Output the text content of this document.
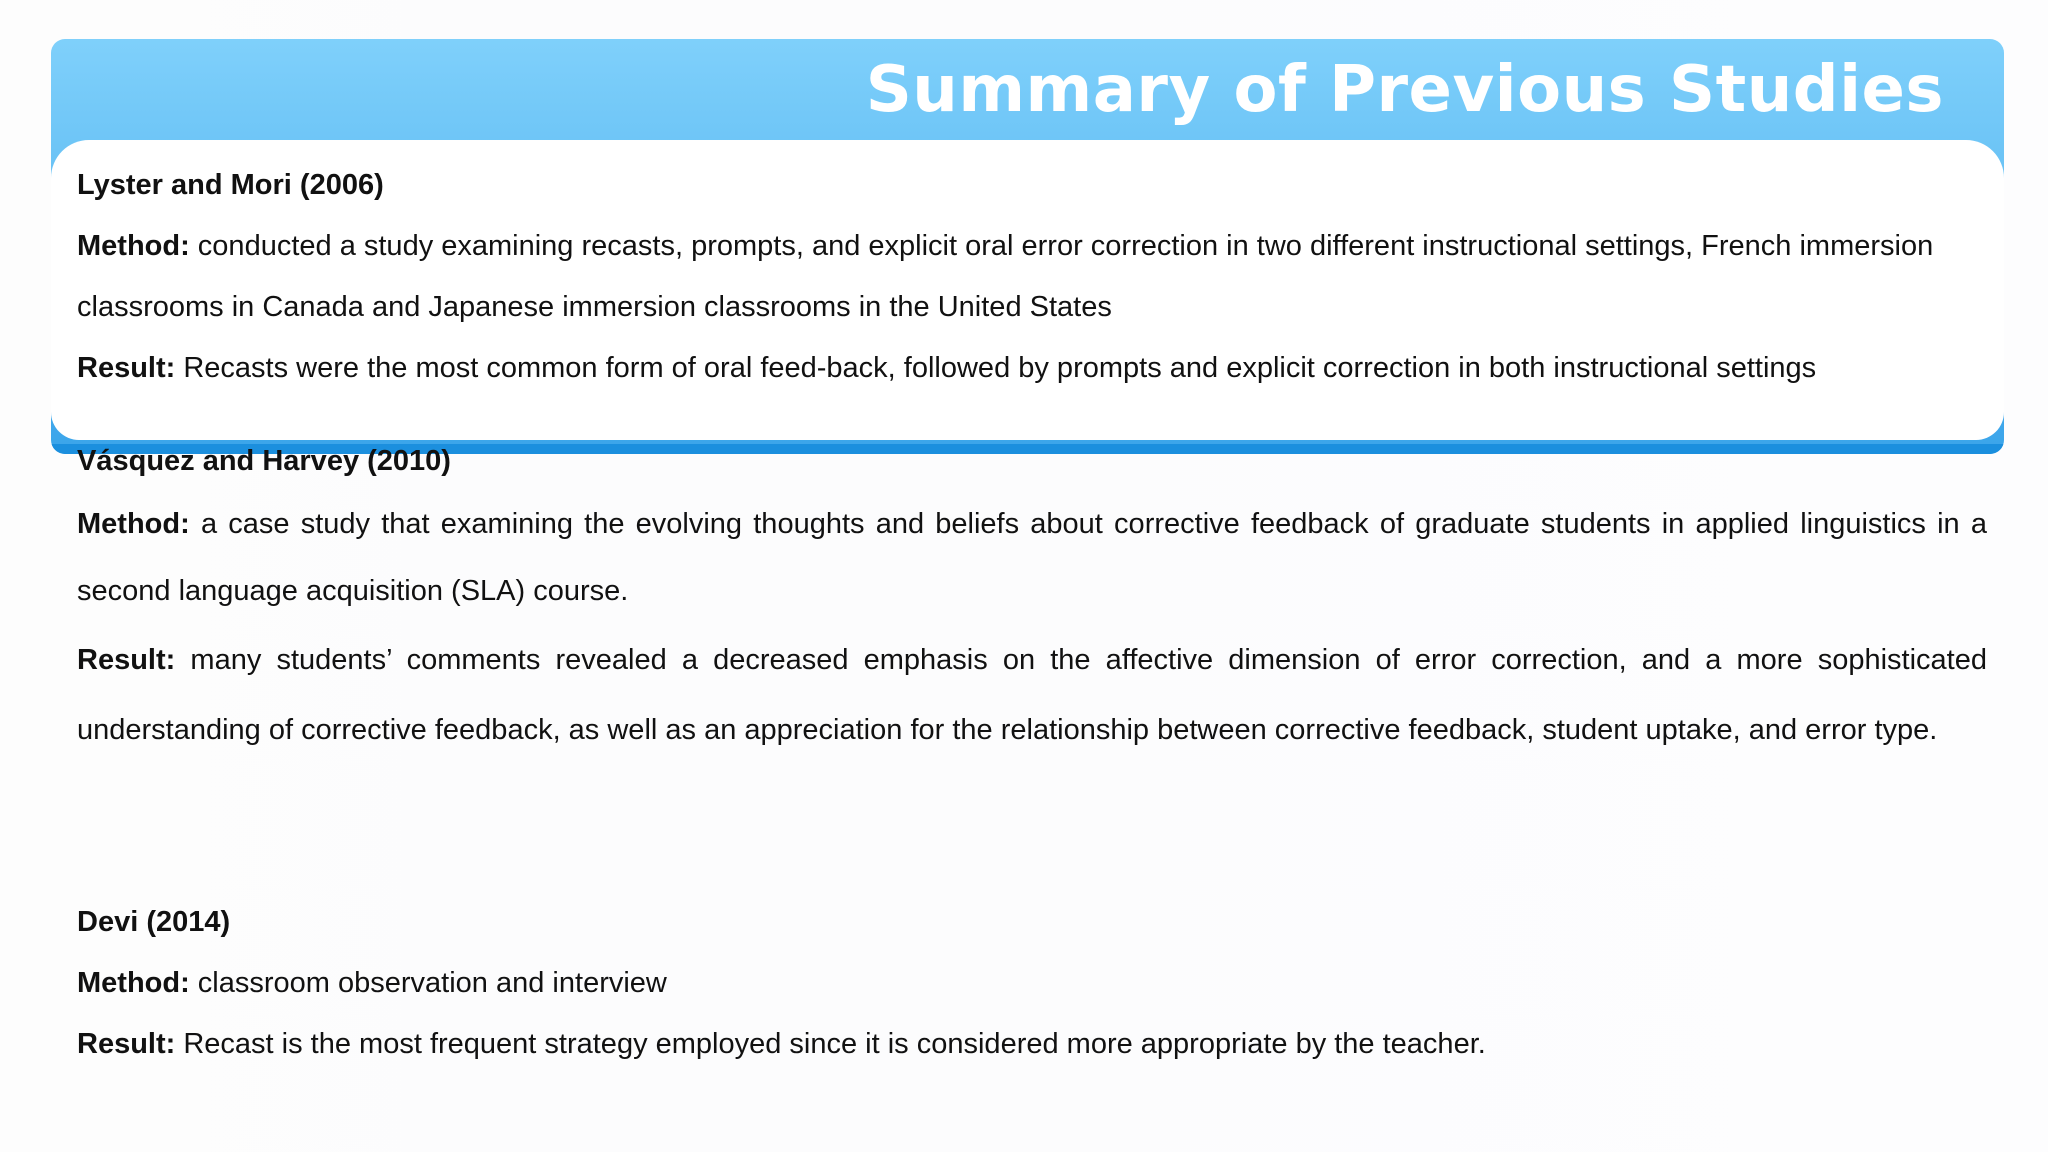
Summary of Previous Studies

Lyster and Mori (2006)

Method: conducted a study examining recasts, prompts, and explicit oral error correction in two different instructional settings, French immersion classrooms in Canada and Japanese immersion classrooms in the United States

Result: Recasts were the most common form of oral feed-back, followed by prompts and explicit correction in both instructional settings

Vásquez and Harvey (2010)

Method: a case study that examining the evolving thoughts and beliefs about corrective feedback of graduate students in applied linguistics in a second language acquisition (SLA) course.

Result: many students’ comments revealed a decreased emphasis on the affective dimension of error correction, and a more sophisticated understanding of corrective feedback, as well as an appreciation for the relationship between corrective feedback, student uptake, and error type.

Devi (2014)

Method: classroom observation and interview

Result: Recast is the most frequent strategy employed since it is considered more appropriate by the teacher.
